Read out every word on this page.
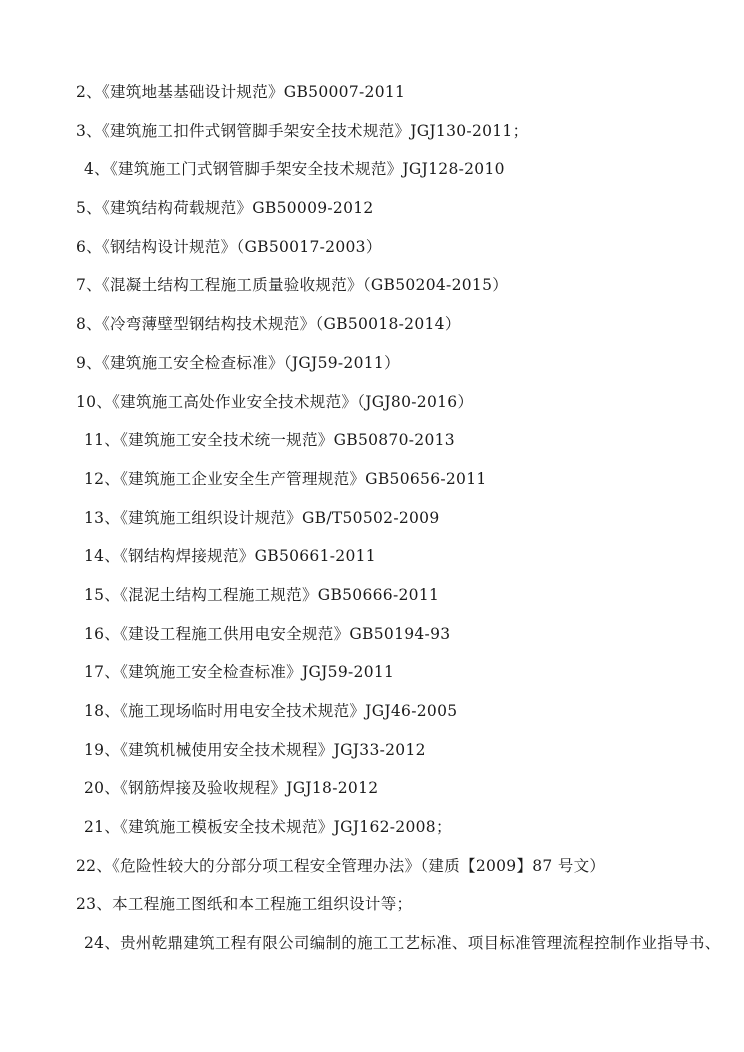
2、《建筑地基基础设计规范》GB50007-2011

3、《建筑施工扣件式钢管脚手架安全技术规范》JGJ130-2011；

4、《建筑施工门式钢管脚手架安全技术规范》JGJ128-2010

5、《建筑结构荷载规范》GB50009-2012

6、《钢结构设计规范》（GB50017-2003）

7、《混凝土结构工程施工质量验收规范》（GB50204-2015）

8、《冷弯薄壁型钢结构技术规范》（GB50018-2014）

9、《建筑施工安全检查标准》（JGJ59-2011）

10、《建筑施工高处作业安全技术规范》（JGJ80-2016）

11、《建筑施工安全技术统一规范》GB50870-2013

12、《建筑施工企业安全生产管理规范》GB50656-2011

13、《建筑施工组织设计规范》GB/T50502-2009

14、《钢结构焊接规范》GB50661-2011

15、《混泥土结构工程施工规范》GB50666-2011

16、《建设工程施工供用电安全规范》GB50194-93

17、《建筑施工安全检查标准》JGJ59-2011

18、《施工现场临时用电安全技术规范》JGJ46-2005

19、《建筑机械使用安全技术规程》JGJ33-2012

20、《钢筋焊接及验收规程》JGJ18-2012

21、《建筑施工模板安全技术规范》JGJ162-2008；

22、《危险性较大的分部分项工程安全管理办法》（建质【2009】87 号文）

23、本工程施工图纸和本工程施工组织设计等；

24、贵州乾鼎建筑工程有限公司编制的施工工艺标准、项目标准管理流程控制作业指导书、
